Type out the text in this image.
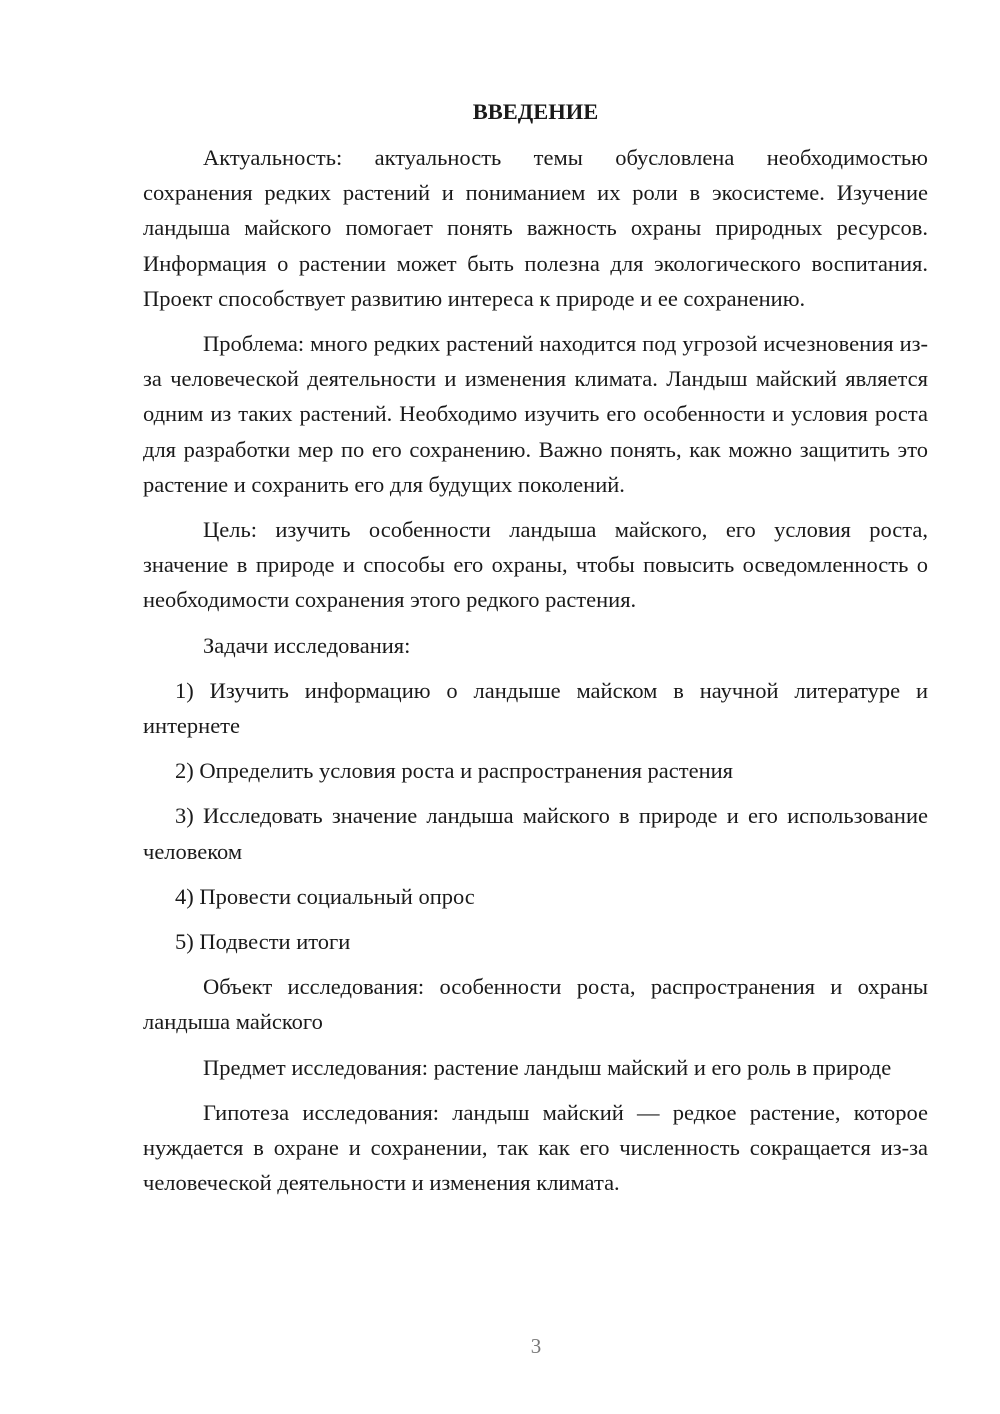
ВВЕДЕНИЕ

Актуальность: актуальность темы обусловлена необходимостью сохранения редких растений и пониманием их роли в экосистеме. Изучение ландыша майского помогает понять важность охраны природных ресурсов. Информация о растении может быть полезна для экологического воспитания. Проект способствует развитию интереса к природе и ее сохранению.

Проблема: много редких растений находится под угрозой исчезновения из-за человеческой деятельности и изменения климата. Ландыш майский является одним из таких растений. Необходимо изучить его особенности и условия роста для разработки мер по его сохранению. Важно понять, как можно защитить это растение и сохранить его для будущих поколений.

Цель: изучить особенности ландыша майского, его условия роста, значение в природе и способы его охраны, чтобы повысить осведомленность о необходимости сохранения этого редкого растения.

Задачи исследования:

1) Изучить информацию о ландыше майском в научной литературе и интернете

2) Определить условия роста и распространения растения

3) Исследовать значение ландыша майского в природе и его использование человеком

4) Провести социальный опрос

5) Подвести итоги

Объект исследования: особенности роста, распространения и охраны ландыша майского

Предмет исследования: растение ландыш майский и его роль в природе

Гипотеза исследования: ландыш майский — редкое растение, которое нуждается в охране и сохранении, так как его численность сокращается из-за человеческой деятельности и изменения климата.

3
